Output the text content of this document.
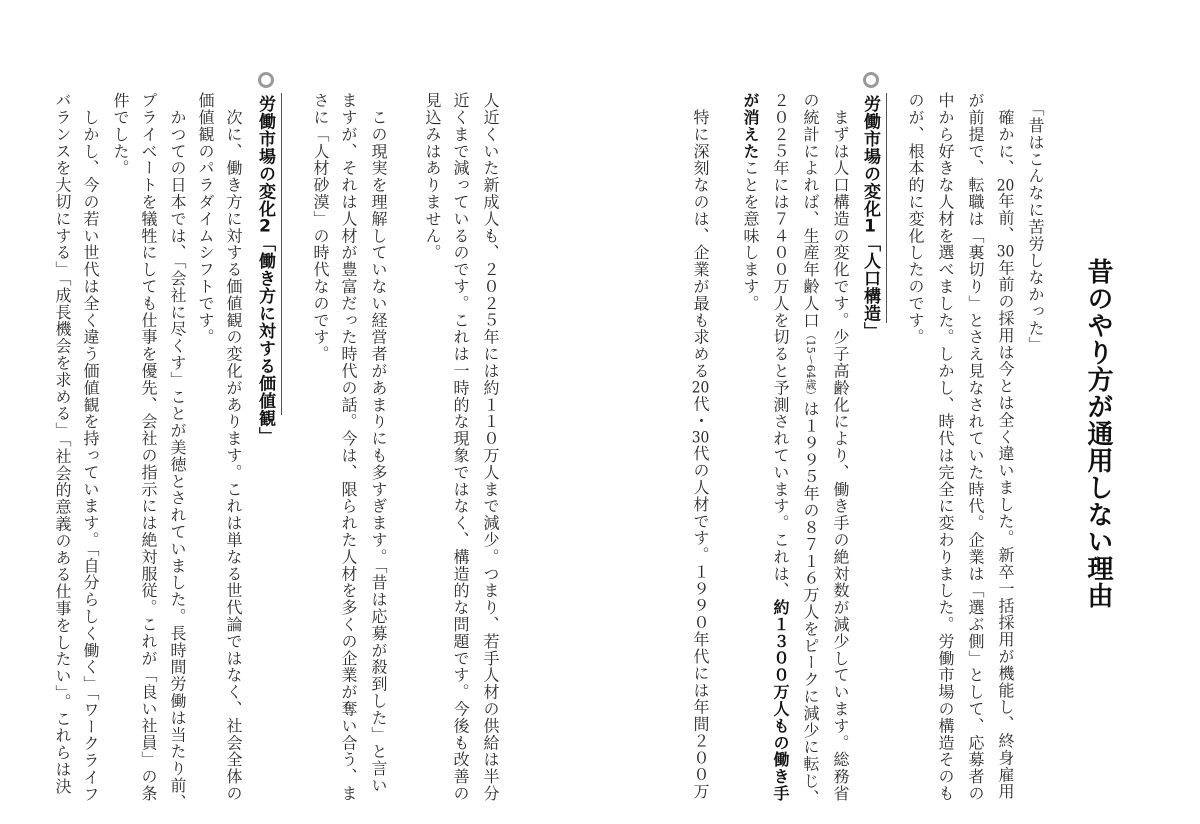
昔のやり方が通用しない理由
「昔はこんなに苦労しなかった」
　確かに、20年前、30年前の採用は今とは全く違いました。新卒一括採用が機能し、終身雇用
が前提で、転職は「裏切り」とさえ見なされていた時代。企業は「選ぶ側」として、応募者の
中から好きな人材を選べました。しかし、時代は完全に変わりました。労働市場の構造そのも
のが、根本的に変化したのです。
労働市場の変化1「人口構造」
　まずは人口構造の変化です。少子高齢化により、働き手の絶対数が減少しています。総務省
の統計によれば、生産年齢人口（15～64歳）は１９９５年の８７１６万人をピークに減少に転じ、
２０２５年には７４００万人を切ると予測されています。これは、約１３００万人もの働き手
が消えたことを意味します。
　特に深刻なのは、企業が最も求める20代・30代の人材です。１９９０年代には年間２００万
人近くいた新成人も、２０２５年には約１１０万人まで減少。つまり、若手人材の供給は半分
近くまで減っているのです。これは一時的な現象ではなく、構造的な問題です。今後も改善の
見込みはありません。
　この現実を理解していない経営者があまりにも多すぎます。「昔は応募が殺到した」と言い
ますが、それは人材が豊富だった時代の話。今は、限られた人材を多くの企業が奪い合う、ま
さに「人材砂漠」の時代なのです。
労働市場の変化2「働き方に対する価値観」
　次に、働き方に対する価値観の変化があります。これは単なる世代論ではなく、社会全体の
価値観のパラダイムシフトです。
　かつての日本では、「会社に尽くす」ことが美徳とされていました。長時間労働は当たり前、
プライベートを犠牲にしても仕事を優先、会社の指示には絶対服従。これが「良い社員」の条
件でした。
　しかし、今の若い世代は全く違う価値観を持っています。「自分らしく働く」「ワークライフ
バランスを大切にする」「成長機会を求める」「社会的意義のある仕事をしたい」。これらは決
